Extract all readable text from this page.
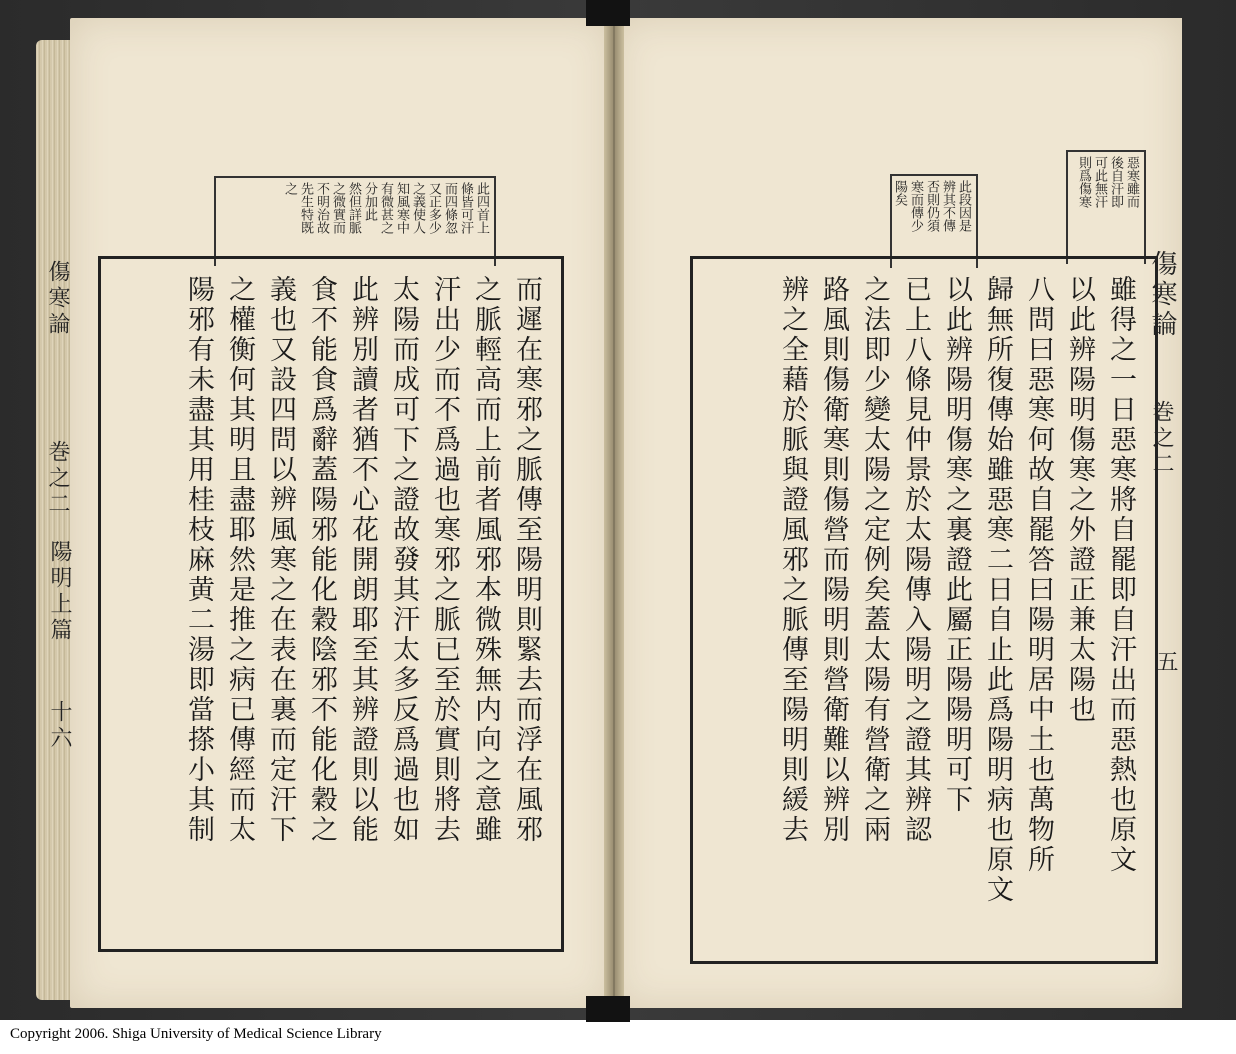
傷寒論
巻之二
陽明上篇
十六
此四首上
條皆可汗
而四條忽
又正多少
之義使人
知風寒中
有微甚之
分加此
然但詳脈
之微實而
不明治故
先生特既
之
而遲在寒邪之脈傳至陽明則緊去而浮在風邪
之脈輕高而上前者風邪本微殊無内向之意雖
汗出少而不爲過也寒邪之脈已至於實則將去
太陽而成可下之證故發其汗太多反爲過也如
此辨別讀者猶不心花開朗耶至其辨證則以能
食不能食爲辭蓋陽邪能化穀陰邪不能化穀之
義也又設四問以辨風寒之在表在裏而定汗下
之權衡何其明且盡耶然是推之病已傳經而太
陽邪有未盡其用桂枝麻黄二湯即當搽小其制
此段因是
辨其不傳
否則仍須
寒而傳少
陽矣	惡寒雖而
後自汗即
可此無汗
則爲傷寒
雖得之一日惡寒將自罷即自汗出而惡熱也原文
以此辨陽明傷寒之外證正兼太陽也
八問曰惡寒何故自罷答曰陽明居中土也萬物所
歸無所復傳始雖惡寒二日自止此爲陽明病也原文
以此辨陽明傷寒之裏證此屬正陽陽明可下
已上八條見仲景於太陽傳入陽明之證其辨認
之法即少變太陽之定例矣蓋太陽有營衛之兩
路風則傷衛寒則傷營而陽明則營衛難以辨別
辨之全藉於脈與證風邪之脈傳至陽明則緩去	傷寒論
巻之二
五
Copyright 2006. Shiga University of Medical Science Library
